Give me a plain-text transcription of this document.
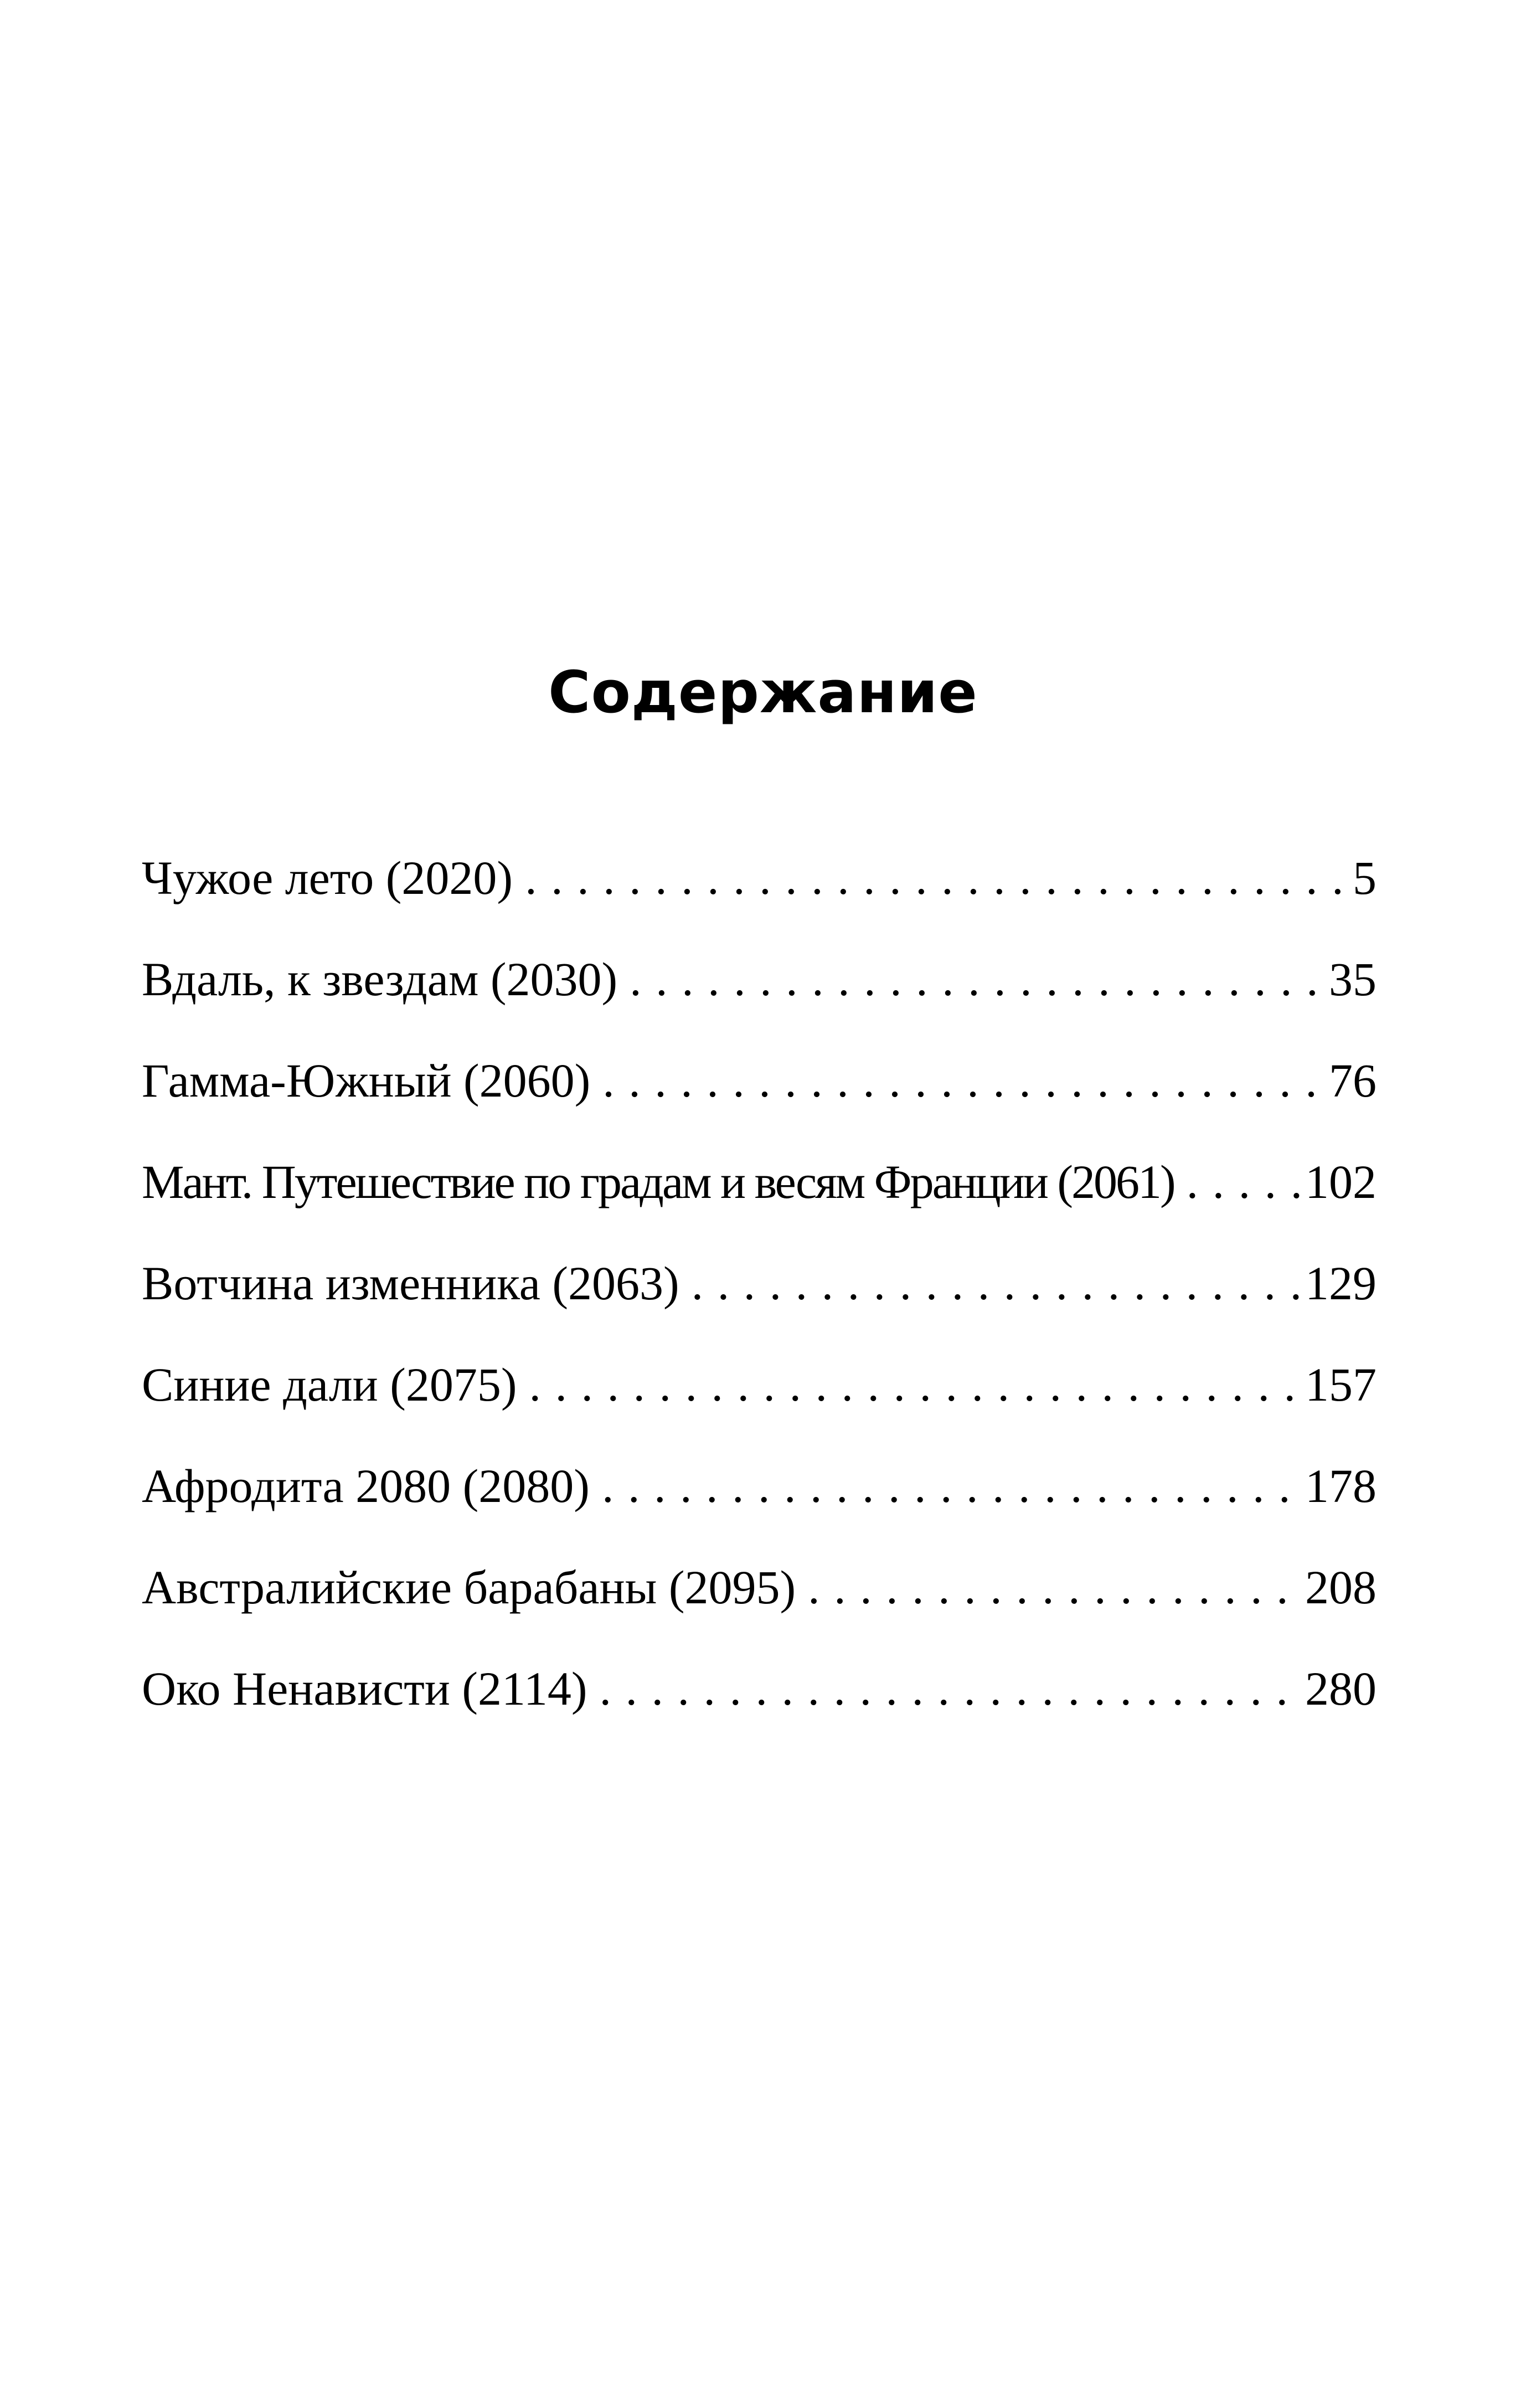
Содержание
Чужое лето (2020) . . .	5
Вдаль, к звездам (2030) . . .	35
Гамма-Южный (2060) . . .	76
Мант. Путешествие по градам и весям Франции (2061) . . .	102
Вотчина изменника (2063) . . .	129
Синие дали (2075) . . .	157
Афродита 2080 (2080) . . .	178
Австралийские барабаны (2095) . . .	208
Око Ненависти (2114) . . .	280
